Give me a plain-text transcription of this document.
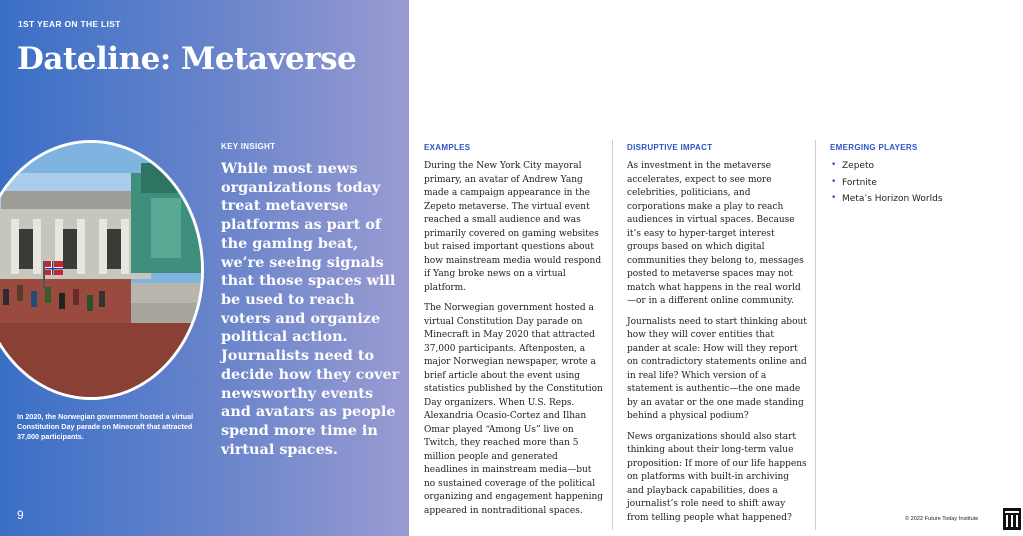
1ST YEAR ON THE LIST
Dateline: Metaverse
In 2020, the Norwegian government hosted a virtual Constitution Day parade on Minecraft that attracted 37,000 participants.
KEY INSIGHT

While most news organizations today treat metaverse platforms as part of the gaming beat, we’re seeing signals that those spaces will be used to reach voters and organize political action. Journalists need to decide how they cover newsworthy events and avatars as people spend more time in virtual spaces.

9
EXAMPLES

During the New York City mayoral primary, an avatar of Andrew Yang made a campaign appearance in the Zepeto metaverse. The virtual event reached a small audience and was primarily covered on gaming websites but raised important questions about how mainstream media would respond if Yang broke news on a virtual platform.

The Norwegian government hosted a virtual Constitution Day parade on Minecraft in May 2020 that attracted 37,000 participants. Aftenposten, a major Norwegian newspaper, wrote a brief article about the event using statistics published by the Constitution Day organizers. When U.S. Reps. Alexandria Ocasio-Cortez and Ilhan Omar played “Among Us” live on Twitch, they reached more than 5 million people and generated headlines in mainstream media—but no sustained coverage of the political organizing and engagement happening appeared in nontraditional spaces.

DISRUPTIVE IMPACT

As investment in the metaverse accelerates, expect to see more celebrities, politicians, and corporations make a play to reach audiences in virtual spaces. Because it’s easy to hyper-target interest groups based on which digital communities they belong to, messages posted to metaverse spaces may not match what happens in the real world—or in a different online community.

Journalists need to start thinking about how they will cover entities that pander at scale: How will they report on contradictory statements online and in real life? Which version of a statement is authentic—the one made by an avatar or the one made standing behind a physical podium?

News organizations should also start thinking about their long-term value proposition: If more of our life happens on platforms with built-in archiving and playback capabilities, does a journalist’s role need to shift away from telling people what happened?

EMERGING PLAYERS
• Zepeto
• Fortnite
• Meta’s Horizon Worlds
© 2022 Future Today Institute
